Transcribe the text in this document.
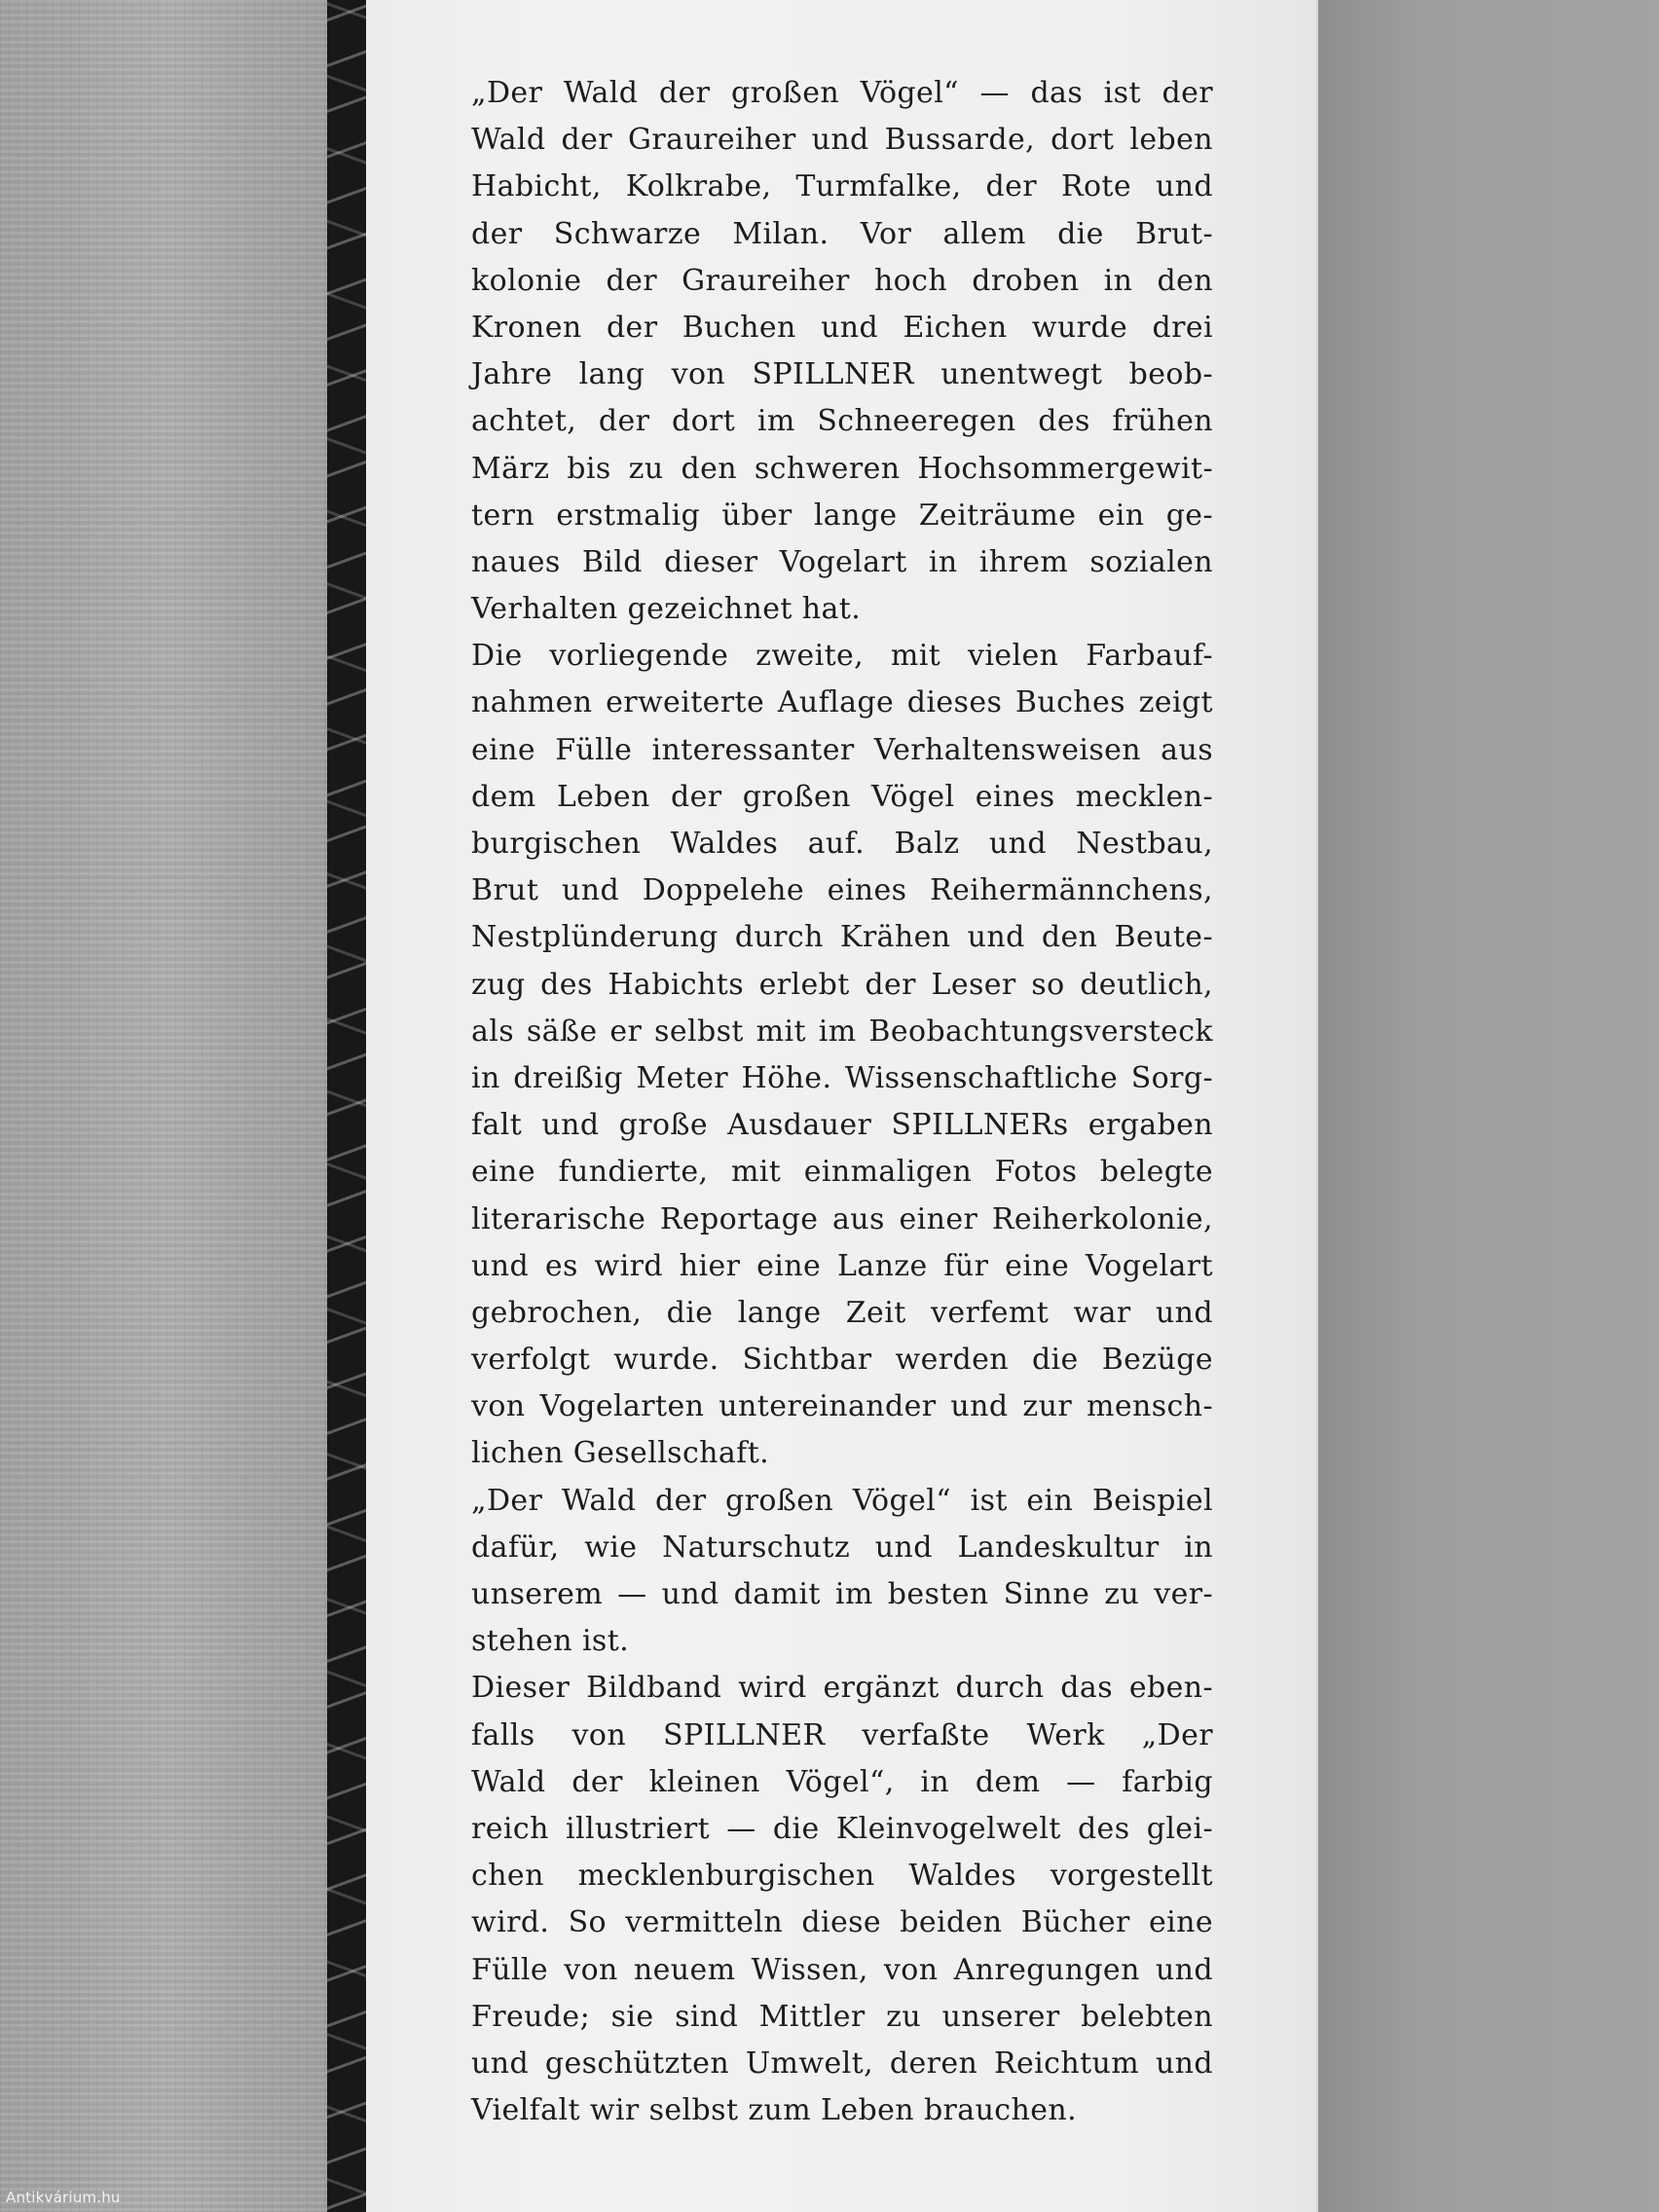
„Der Wald der großen Vögel“ — das ist der
Wald der Graureiher und Bussarde, dort leben
Habicht, Kolkrabe, Turmfalke, der Rote und
der Schwarze Milan. Vor allem die Brut-
kolonie der Graureiher hoch droben in den
Kronen der Buchen und Eichen wurde drei
Jahre lang von SPILLNER unentwegt beob-
achtet, der dort im Schneeregen des frühen
März bis zu den schweren Hochsommergewit-
tern erstmalig über lange Zeiträume ein ge-
naues Bild dieser Vogelart in ihrem sozialen
Verhalten gezeichnet hat.
Die vorliegende zweite, mit vielen Farbauf-
nahmen erweiterte Auflage dieses Buches zeigt
eine Fülle interessanter Verhaltensweisen aus
dem Leben der großen Vögel eines mecklen-
burgischen Waldes auf. Balz und Nestbau,
Brut und Doppelehe eines Reihermännchens,
Nestplünderung durch Krähen und den Beute-
zug des Habichts erlebt der Leser so deutlich,
als säße er selbst mit im Beobachtungsversteck
in dreißig Meter Höhe. Wissenschaftliche Sorg-
falt und große Ausdauer SPILLNERs ergaben
eine fundierte, mit einmaligen Fotos belegte
literarische Reportage aus einer Reiherkolonie,
und es wird hier eine Lanze für eine Vogelart
gebrochen, die lange Zeit verfemt war und
verfolgt wurde. Sichtbar werden die Bezüge
von Vogelarten untereinander und zur mensch-
lichen Gesellschaft.
„Der Wald der großen Vögel“ ist ein Beispiel
dafür, wie Naturschutz und Landeskultur in
unserem — und damit im besten Sinne zu ver-
stehen ist.
Dieser Bildband wird ergänzt durch das eben-
falls von SPILLNER verfaßte Werk „Der
Wald der kleinen Vögel“, in dem — farbig
reich illustriert — die Kleinvogelwelt des glei-
chen mecklenburgischen Waldes vorgestellt
wird. So vermitteln diese beiden Bücher eine
Fülle von neuem Wissen, von Anregungen und
Freude; sie sind Mittler zu unserer belebten
und geschützten Umwelt, deren Reichtum und
Vielfalt wir selbst zum Leben brauchen.
Antikvárium.hu
